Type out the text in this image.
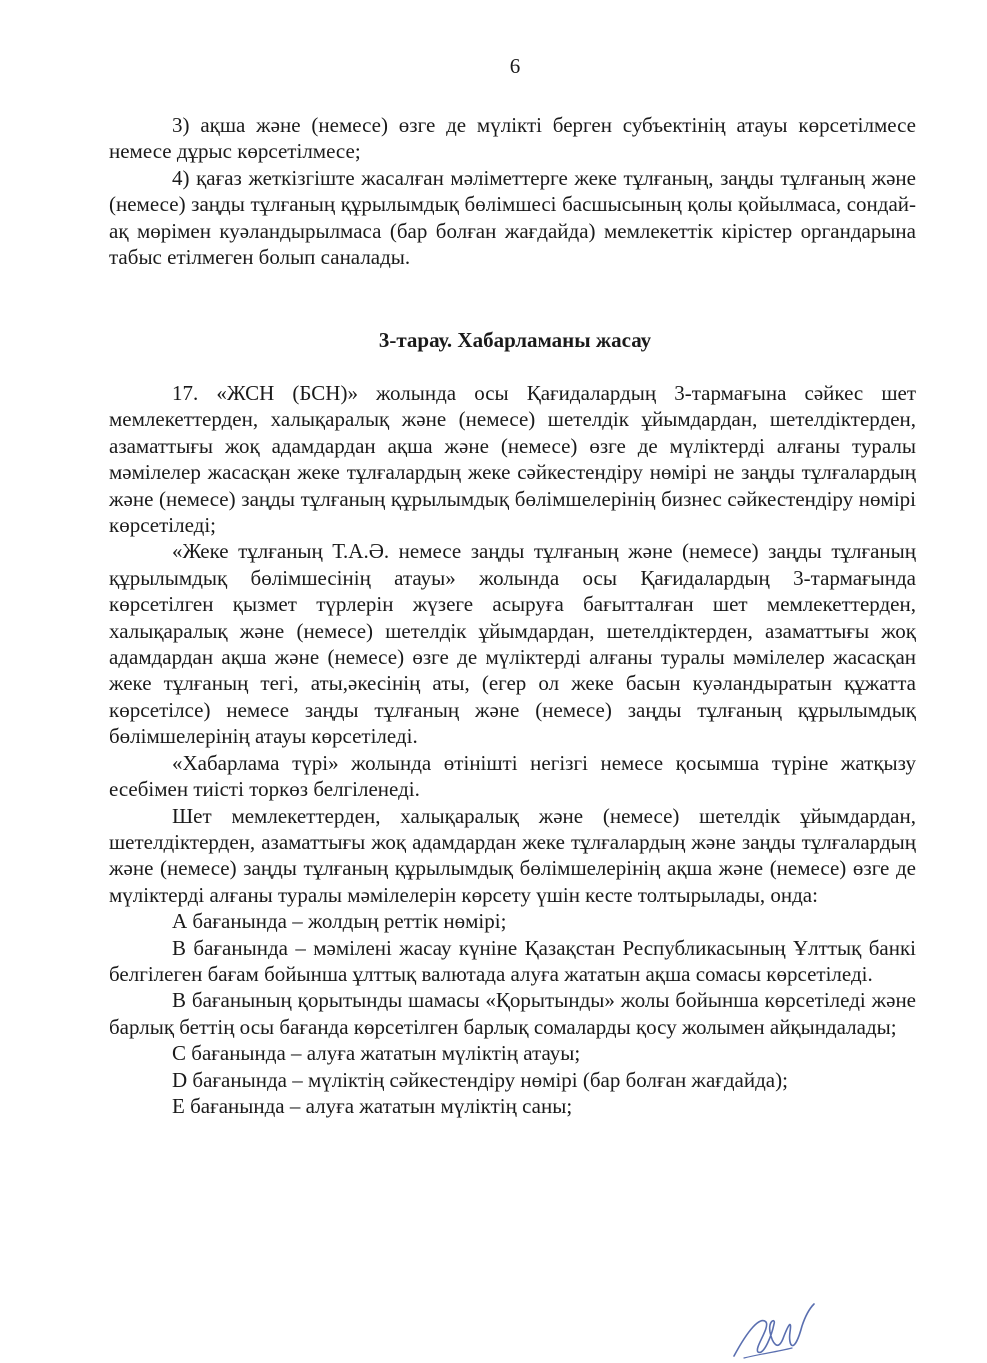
6

3) ақша және (немесе) өзге де мүлікті берген субъектінің атауы көрсетілмесе немесе дұрыс көрсетілмесе;

4) қағаз жеткізгіште жасалған мәліметтерге жеке тұлғаның, заңды тұлғаның және (немесе) заңды тұлғаның құрылымдық бөлімшесі басшысының қолы қойылмаса, сондай-ақ мөрімен куәландырылмаса (бар болған жағдайда) мемлекеттік кірістер органдарына табыс етілмеген болып саналады.

3-тарау. Хабарламаны жасау

17. «ЖСН (БСН)» жолында осы Қағидалардың 3-тармағына сәйкес шет мемлекеттерден, халықаралық және (немесе) шетелдік ұйымдардан, шетелдіктерден, азаматтығы жоқ адамдардан ақша және (немесе) өзге де мүліктерді алғаны туралы мәмілелер жасасқан жеке тұлғалардың жеке сәйкестендіру нөмірі не заңды тұлғалардың және (немесе) заңды тұлғаның құрылымдық бөлімшелерінің бизнес сәйкестендіру нөмірі көрсетіледі;

«Жеке тұлғаның Т.А.Ә. немесе заңды тұлғаның және (немесе) заңды тұлғаның құрылымдық бөлімшесінің атауы» жолында осы Қағидалардың 3-тармағында көрсетілген қызмет түрлерін жүзеге асыруға бағытталған шет мемлекеттерден, халықаралық және (немесе) шетелдік ұйымдардан, шетелдіктерден, азаматтығы жоқ адамдардан ақша және (немесе) өзге де мүліктерді алғаны туралы мәмілелер жасасқан жеке тұлғаның тегі, аты,әкесінің аты, (егер ол жеке басын куәландыратын құжатта көрсетілсе) немесе заңды тұлғаның және (немесе) заңды тұлғаның құрылымдық бөлімшелерінің атауы көрсетіледі.

«Хабарлама түрі» жолында өтінішті негізгі немесе қосымша түріне жатқызу есебімен тиісті торкөз белгіленеді.

Шет мемлекеттерден, халықаралық және (немесе) шетелдік ұйымдардан, шетелдіктерден, азаматтығы жоқ адамдардан жеке тұлғалардың және заңды тұлғалардың және (немесе) заңды тұлғаның құрылымдық бөлімшелерінің ақша және (немесе) өзге де мүліктерді алғаны туралы мәмілелерін көрсету үшін кесте толтырылады, онда:

А бағанында – жолдың реттік нөмірі;

В бағанында – мәмілені жасау күніне Қазақстан Республикасының Ұлттық банкі белгілеген бағам бойынша ұлттық валютада алуға жататын ақша сомасы көрсетіледі.

В бағанының қорытынды шамасы «Қорытынды» жолы бойынша көрсетіледі және барлық беттің осы бағанда көрсетілген барлық сомаларды қосу жолымен айқындалады;

С бағанында – алуға жататын мүліктің атауы;

D бағанында – мүліктің сәйкестендіру нөмірі (бар болған жағдайда);

Е бағанында – алуға жататын мүліктің саны;
